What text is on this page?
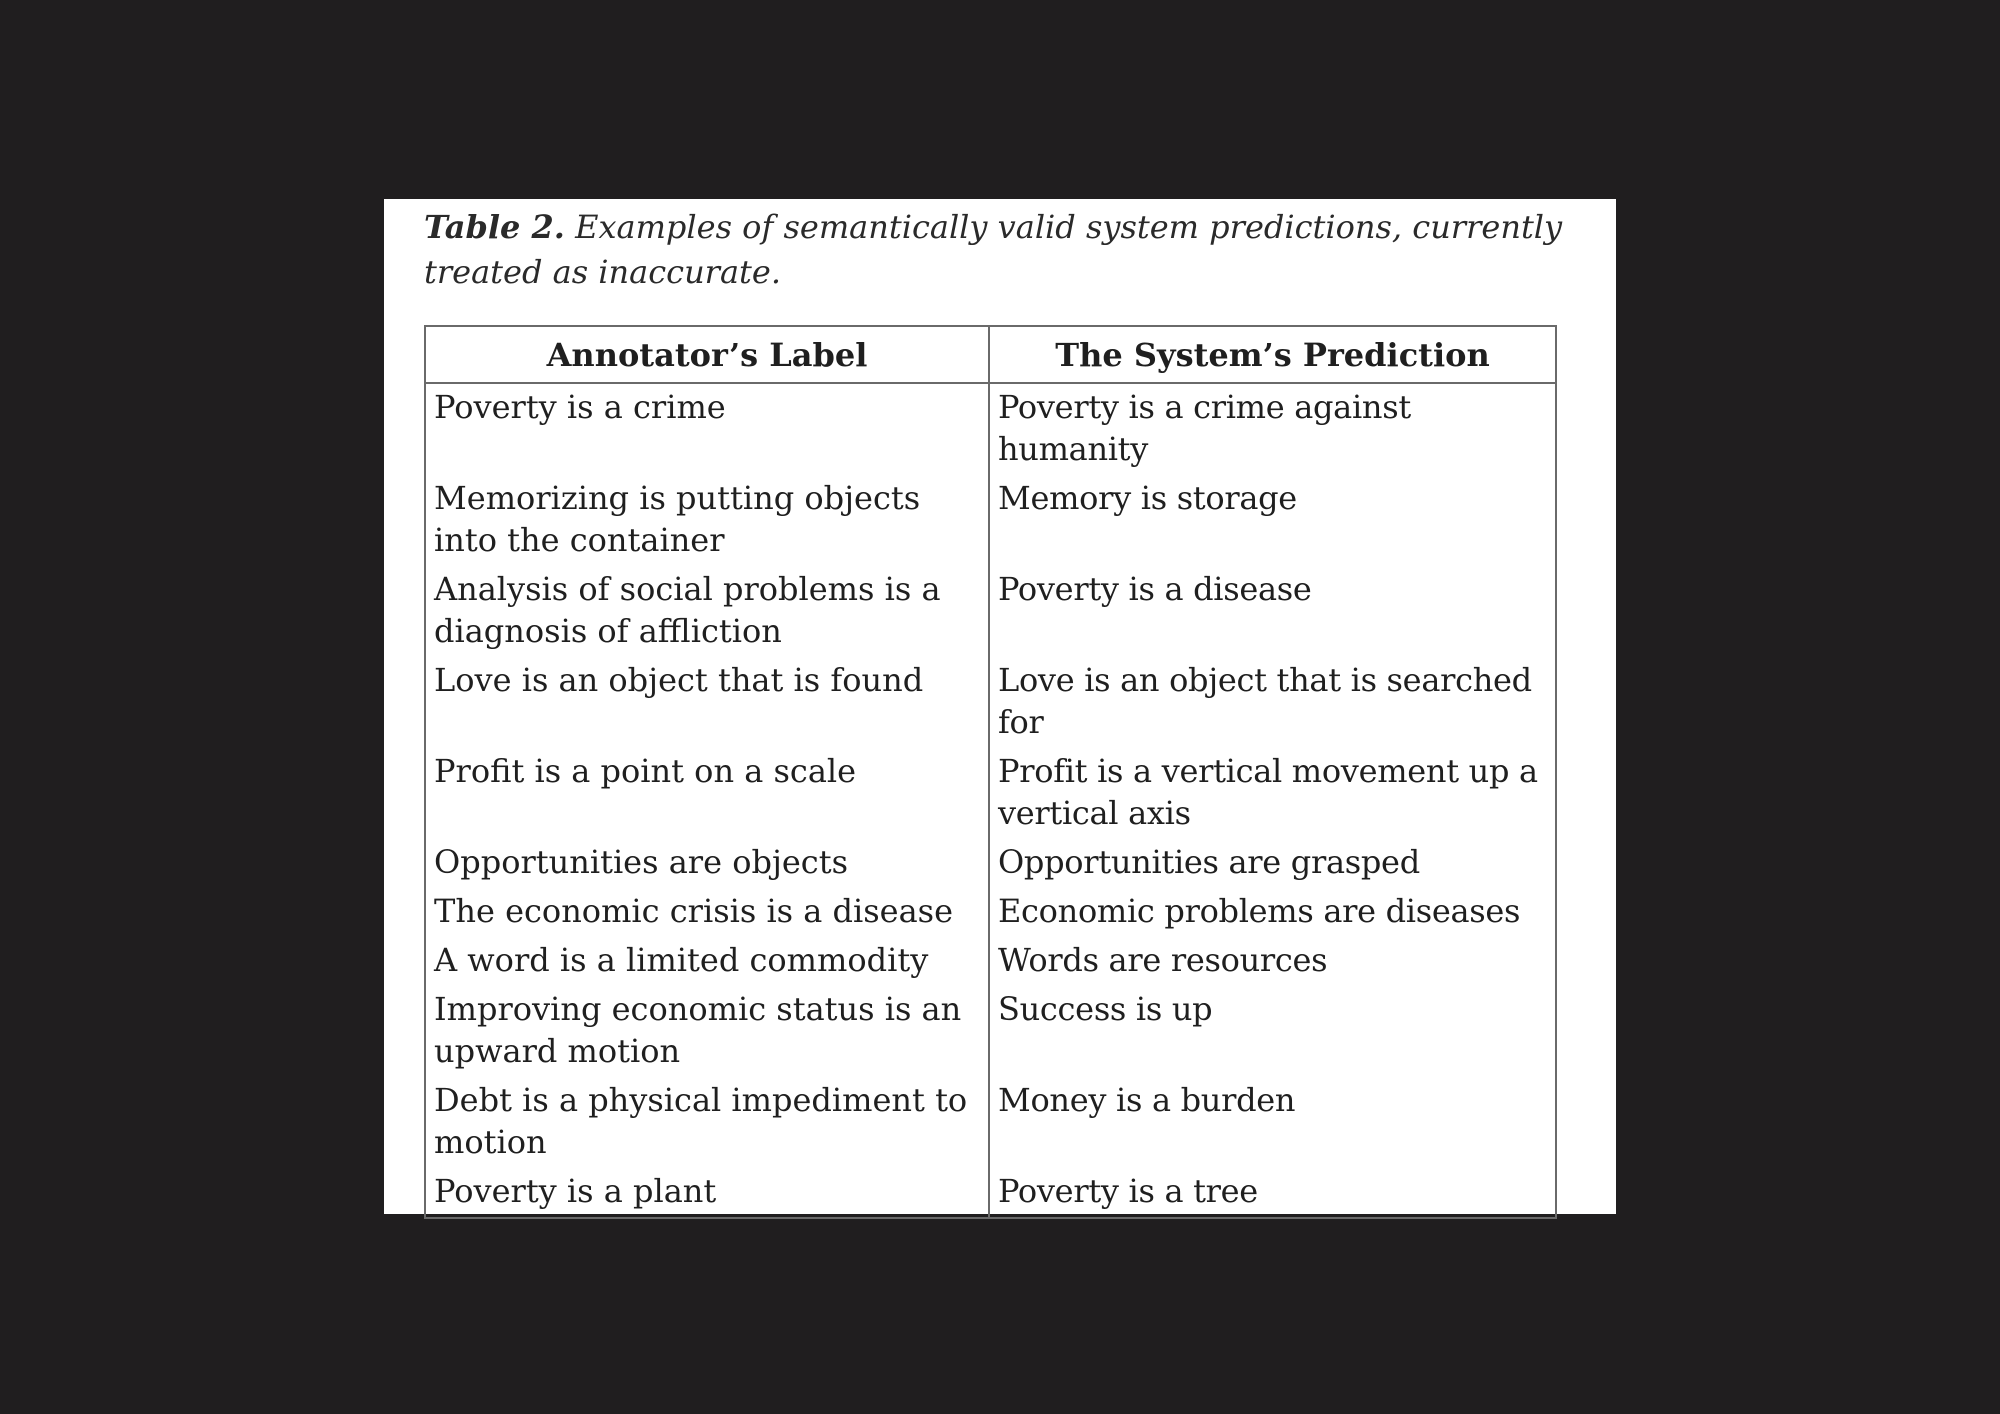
Table 2. Examples of semantically valid system predictions, currently treated as inaccurate.
Annotator’s Label	The System’s Prediction
Poverty is a crime	Poverty is a crime against humanity
Memorizing is putting objects into the container	Memory is storage
Analysis of social problems is a diagnosis of affliction	Poverty is a disease
Love is an object that is found	Love is an object that is searched for
Profit is a point on a scale	Profit is a vertical movement up a vertical axis
Opportunities are objects	Opportunities are grasped
The economic crisis is a disease	Economic problems are diseases
A word is a limited commodity	Words are resources
Improving economic status is an upward motion	Success is up
Debt is a physical impediment to motion	Money is a burden
Poverty is a plant	Poverty is a tree
